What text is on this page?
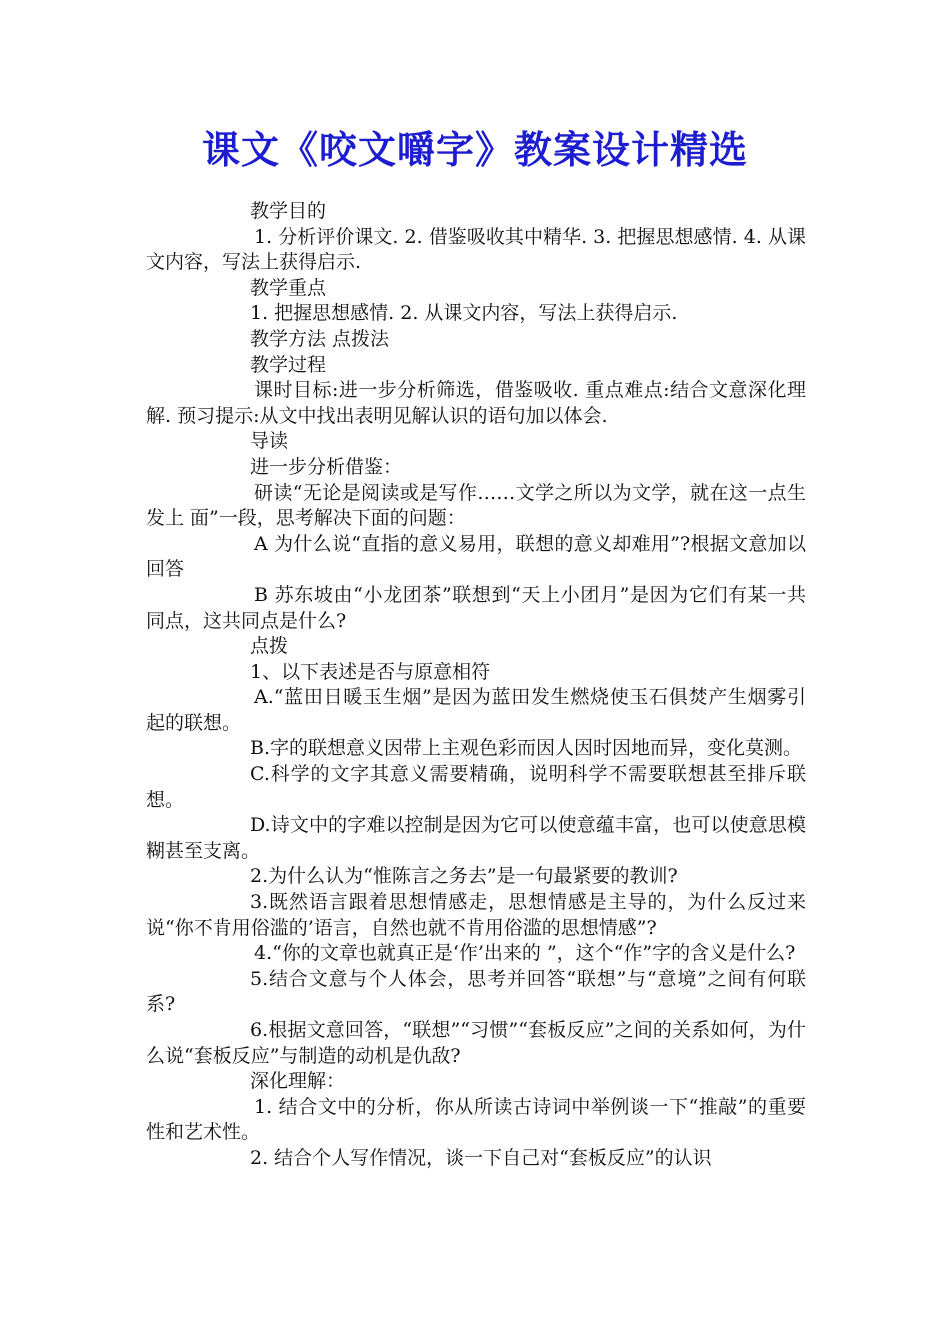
课文《咬文嚼字》教案设计精选

教学目的

1. 分析评价课文. 2. 借鉴吸收其中精华. 3. 把握思想感情. 4. 从课文内容，写法上获得启示.

教学重点

1. 把握思想感情. 2. 从课文内容，写法上获得启示.

教学方法 点拨法

教学过程

课时目标:进一步分析筛选，借鉴吸收. 重点难点:结合文意深化理解. 预习提示:从文中找出表明见解认识的语句加以体会.

导读

进一步分析借鉴：

研读“无论是阅读或是写作……文学之所以为文学，就在这一点生发上 面”一段，思考解决下面的问题：

A 为什么说“直指的意义易用，联想的意义却难用”?根据文意加以回答

B 苏东坡由“小龙团茶”联想到“天上小团月”是因为它们有某一共同点，这共同点是什么?

点拨

1、以下表述是否与原意相符

A.“蓝田日暖玉生烟”是因为蓝田发生燃烧使玉石俱焚产生烟雾引起的联想。

B.字的联想意义因带上主观色彩而因人因时因地而异，变化莫测。

C.科学的文字其意义需要精确，说明科学不需要联想甚至排斥联想。

D.诗文中的字难以控制是因为它可以使意蕴丰富，也可以使意思模糊甚至支离。

2.为什么认为“惟陈言之务去”是一句最紧要的教训?

3.既然语言跟着思想情感走，思想情感是主导的，为什么反过来说“你不肯用俗滥的’语言，自然也就不肯用俗滥的思想情感”?

4.“你的文章也就真正是‘作’出来的 ”，这个“作”字的含义是什么?

5.结合文意与个人体会，思考并回答“联想”与“意境”之间有何联系?

6.根据文意回答，“联想”“习惯”“套板反应”之间的关系如何，为什么说“套板反应”与制造的动机是仇敌?

深化理解：

1. 结合文中的分析，你从所读古诗词中举例谈一下“推敲”的重要性和艺术性。

2. 结合个人写作情况，谈一下自己对“套板反应”的认识
